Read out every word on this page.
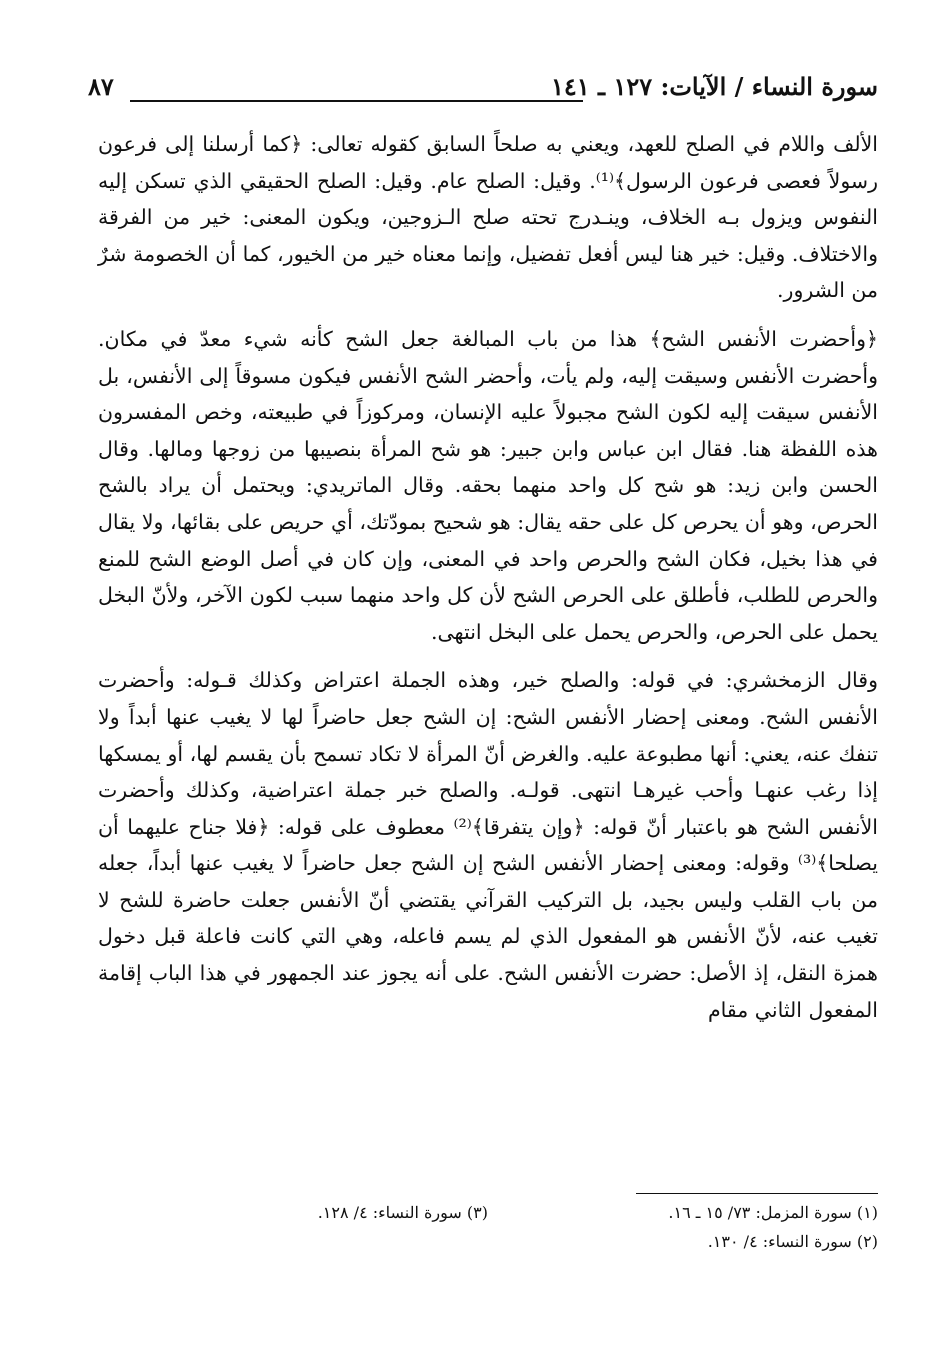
سورة النساء / الآيات: ١٢٧ ـ ١٤١
٨٧

الألف واللام في الصلح للعهد، ويعني به صلحاً السابق كقوله تعالى: ﴿كما أرسلنا إلى فرعون رسولاً فعصى فرعون الرسول﴾⁽¹⁾. وقيل: الصلح عام. وقيل: الصلح الحقيقي الذي تسكن إليه النفوس ويزول بـه الخلاف، وينـدرج تحته صلح الـزوجين، ويكون المعنى: خير من الفرقة والاختلاف. وقيل: خير هنا ليس أفعل تفضيل، وإنما معناه خير من الخيور، كما أن الخصومة شرٌ من الشرور.

﴿وأحضرت الأنفس الشح﴾ هذا من باب المبالغة جعل الشح كأنه شيء معدّ في مكان. وأحضرت الأنفس وسيقت إليه، ولم يأت، وأحضر الشح الأنفس فيكون مسوقاً إلى الأنفس، بل الأنفس سيقت إليه لكون الشح مجبولاً عليه الإنسان، ومركوزاً في طبيعته، وخص المفسرون هذه اللفظة هنا. فقال ابن عباس وابن جبير: هو شح المرأة بنصيبها من زوجها ومالها. وقال الحسن وابن زيد: هو شح كل واحد منهما بحقه. وقال الماتريدي: ويحتمل أن يراد بالشح الحرص، وهو أن يحرص كل على حقه يقال: هو شحيح بمودّتك، أي حريص على بقائها، ولا يقال في هذا بخيل، فكان الشح والحرص واحد في المعنى، وإن كان في أصل الوضع الشح للمنع والحرص للطلب، فأطلق على الحرص الشح لأن كل واحد منهما سبب لكون الآخر، ولأنّ البخل يحمل على الحرص، والحرص يحمل على البخل انتهى.

وقال الزمخشري: في قوله: والصلح خير، وهذه الجملة اعتراض وكذلك قـوله: وأحضرت الأنفس الشح. ومعنى إحضار الأنفس الشح: إن الشح جعل حاضراً لها لا يغيب عنها أبداً ولا تنفك عنه، يعني: أنها مطبوعة عليه. والغرض أنّ المرأة لا تكاد تسمح بأن يقسم لها، أو يمسكها إذا رغب عنهـا وأحب غيرهـا انتهى. قولـه. والصلح خبر جملة اعتراضية، وكذلك وأحضرت الأنفس الشح هو باعتبار أنّ قوله: ﴿وإن يتفرقا﴾⁽²⁾ معطوف على قوله: ﴿فلا جناح عليهما أن يصلحا﴾⁽³⁾ وقوله: ومعنى إحضار الأنفس الشح إن الشح جعل حاضراً لا يغيب عنها أبداً، جعله من باب القلب وليس بجيد، بل التركيب القرآني يقتضي أنّ الأنفس جعلت حاضرة للشح لا تغيب عنه، لأنّ الأنفس هو المفعول الذي لم يسم فاعله، وهي التي كانت فاعلة قبل دخول همزة النقل، إذ الأصل: حضرت الأنفس الشح. على أنه يجوز عند الجمهور في هذا الباب إقامة المفعول الثاني مقام

(١) سورة المزمل: ٧٣/ ١٥ ـ ١٦.
(٣) سورة النساء: ٤/ ١٢٨.
(٢) سورة النساء: ٤/ ١٣٠.
